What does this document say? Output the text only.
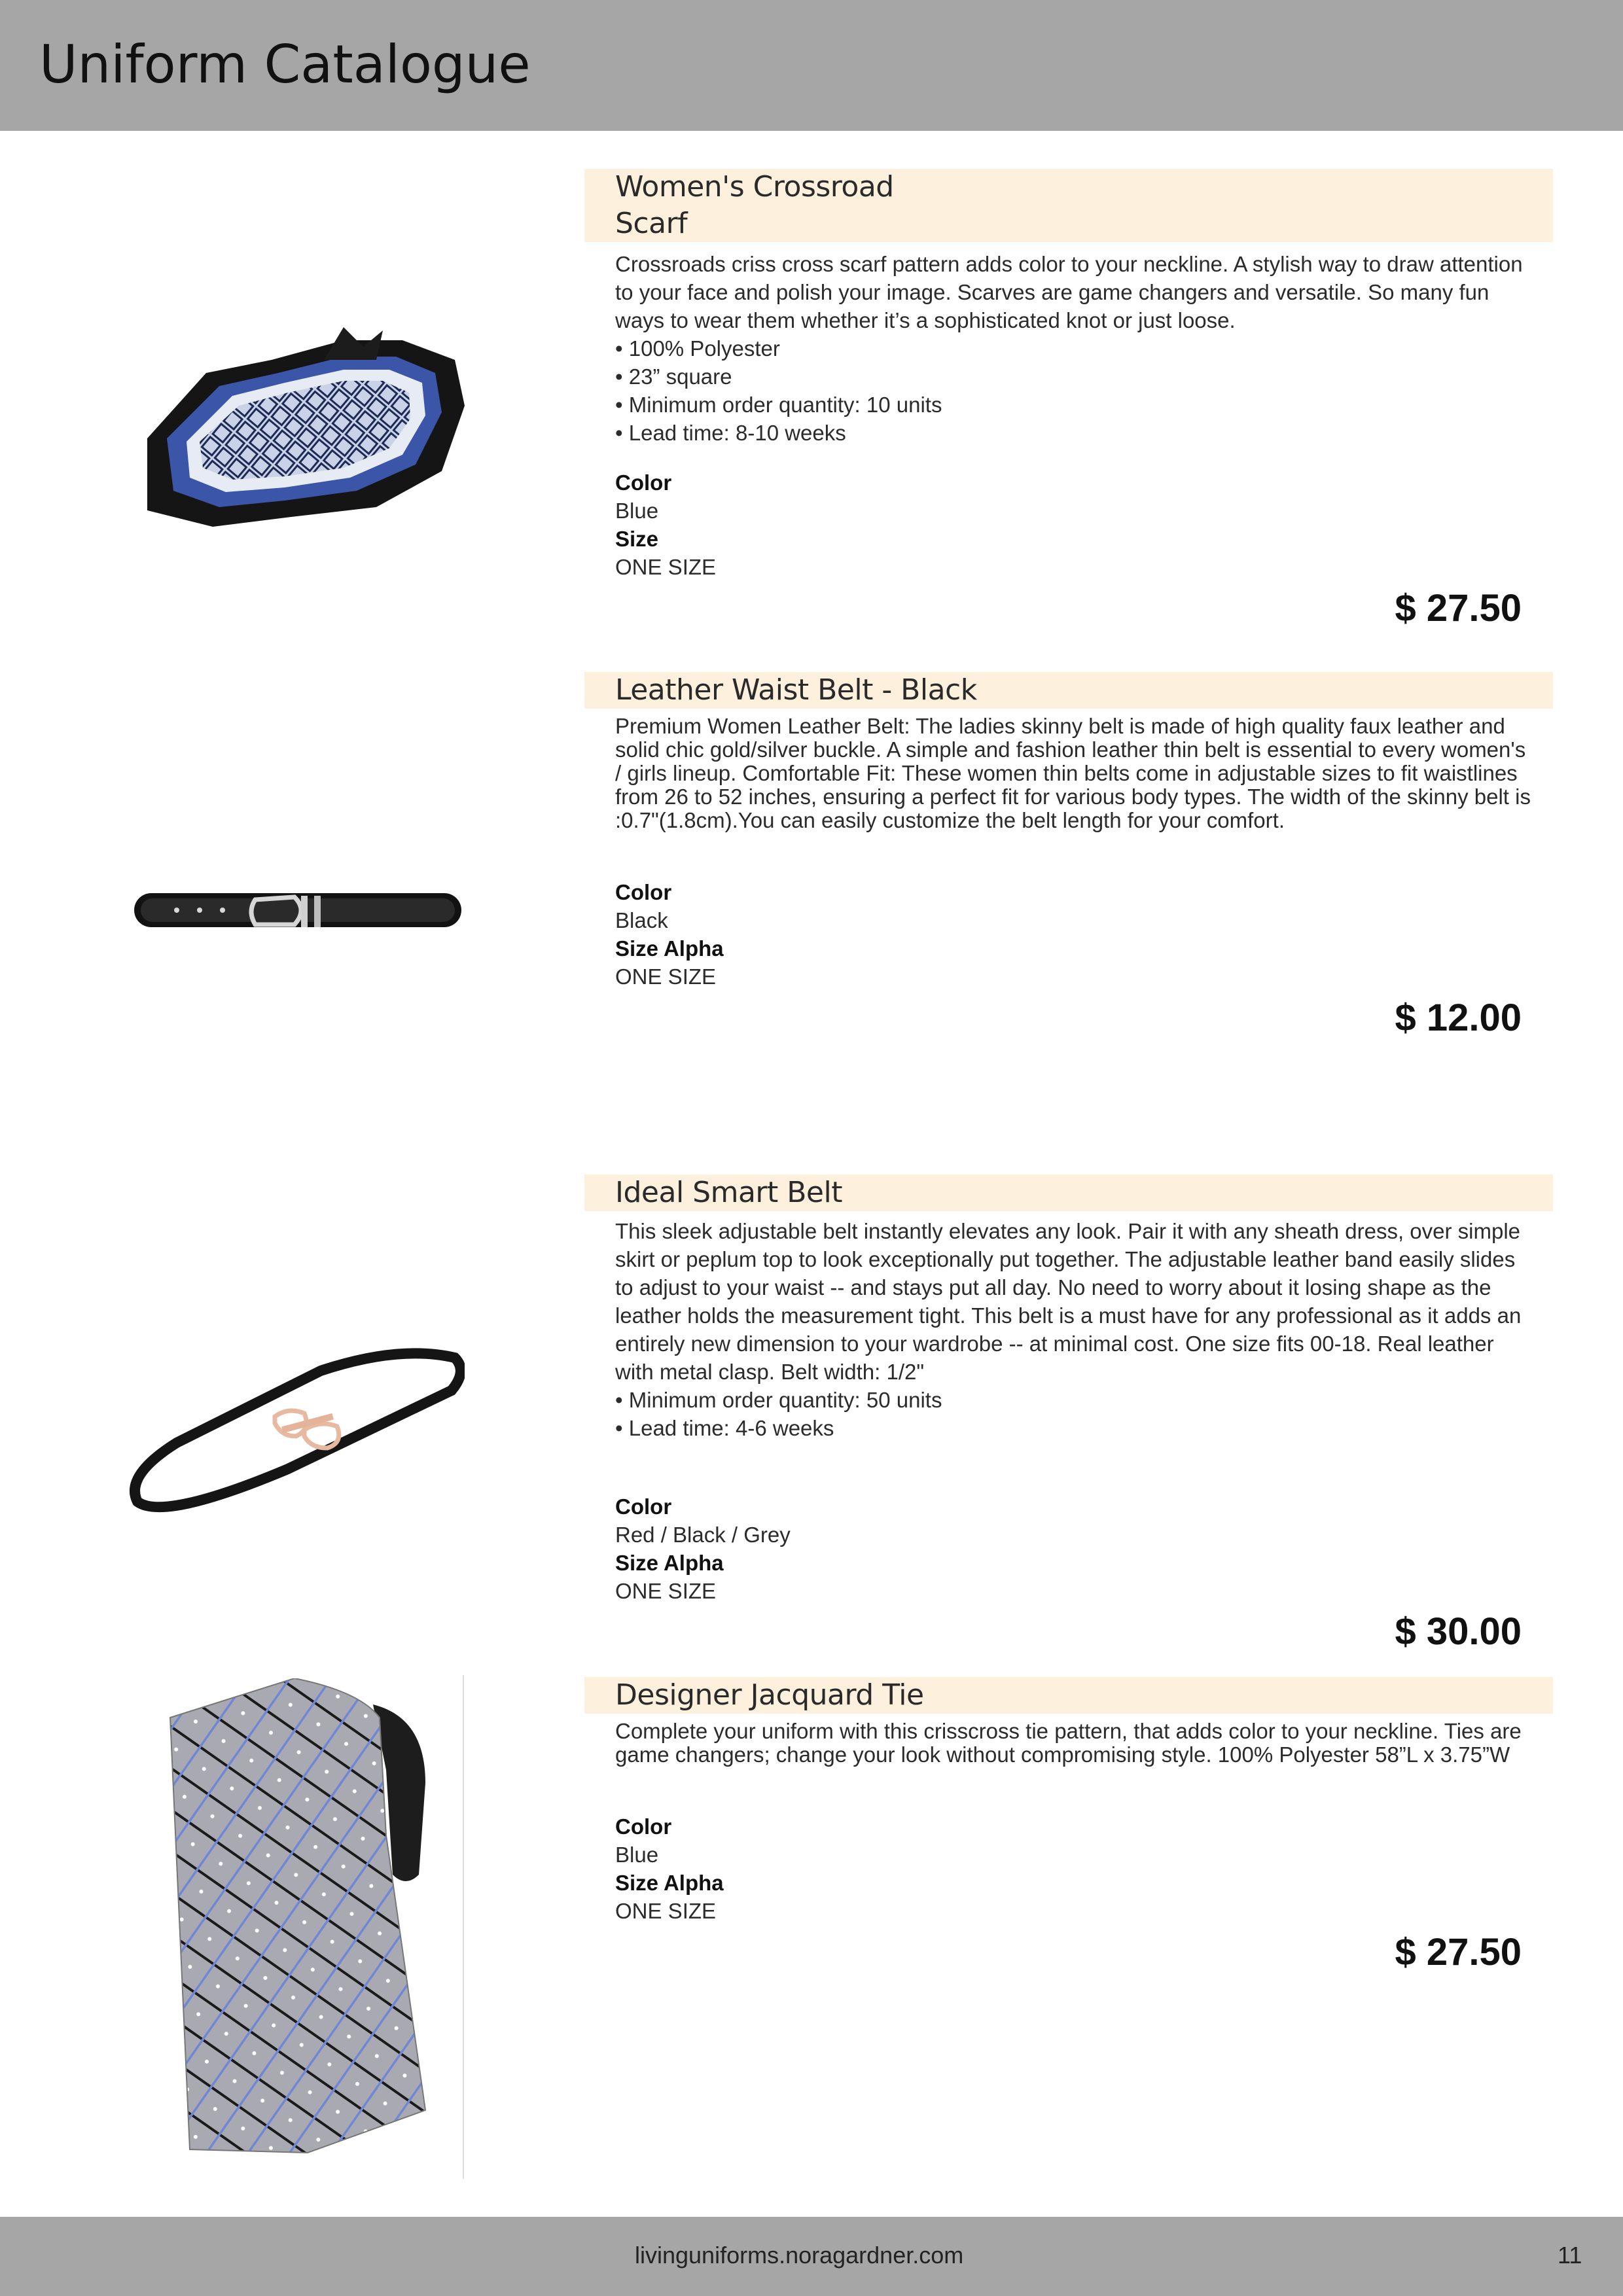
Uniform Catalogue
Women's Crossroad
Scarf
Crossroads criss cross scarf pattern adds color to your neckline. A stylish way to draw attention to your face and polish your image. Scarves are game changers and versatile. So many fun ways to wear them whether it’s a sophisticated knot or just loose.
• 100% Polyester
• 23” square
• Minimum order quantity: 10 units
• Lead time: 8-10 weeks
Color
Blue
Size
ONE SIZE
$ 27.50
Leather Waist Belt - Black
Premium Women Leather Belt: The ladies skinny belt is made of high quality faux leather and solid chic gold/silver buckle. A simple and fashion leather thin belt is essential to every women's / girls lineup. Comfortable Fit: These women thin belts come in adjustable sizes to fit waistlines from 26 to 52 inches, ensuring a perfect fit for various body types. The width of the skinny belt is :0.7"(1.8cm).You can easily customize the belt length for your comfort.
Color
Black
Size Alpha
ONE SIZE
$ 12.00
Ideal Smart Belt
This sleek adjustable belt instantly elevates any look. Pair it with any sheath dress, over simple skirt or peplum top to look exceptionally put together. The adjustable leather band easily slides to adjust to your waist -- and stays put all day. No need to worry about it losing shape as the leather holds the measurement tight. This belt is a must have for any professional as it adds an entirely new dimension to your wardrobe -- at minimal cost. One size fits 00-18. Real leather with metal clasp. Belt width: 1/2"
• Minimum order quantity: 50 units
• Lead time: 4-6 weeks
Color
Red / Black / Grey
Size Alpha
ONE SIZE
$ 30.00
Designer Jacquard Tie
Complete your uniform with this crisscross tie pattern, that adds color to your neckline. Ties are game changers; change your look without compromising style. 100% Polyester 58”L x 3.75”W
Color
Blue
Size Alpha
ONE SIZE
$ 27.50
livinguniforms.noragardner.com	11
